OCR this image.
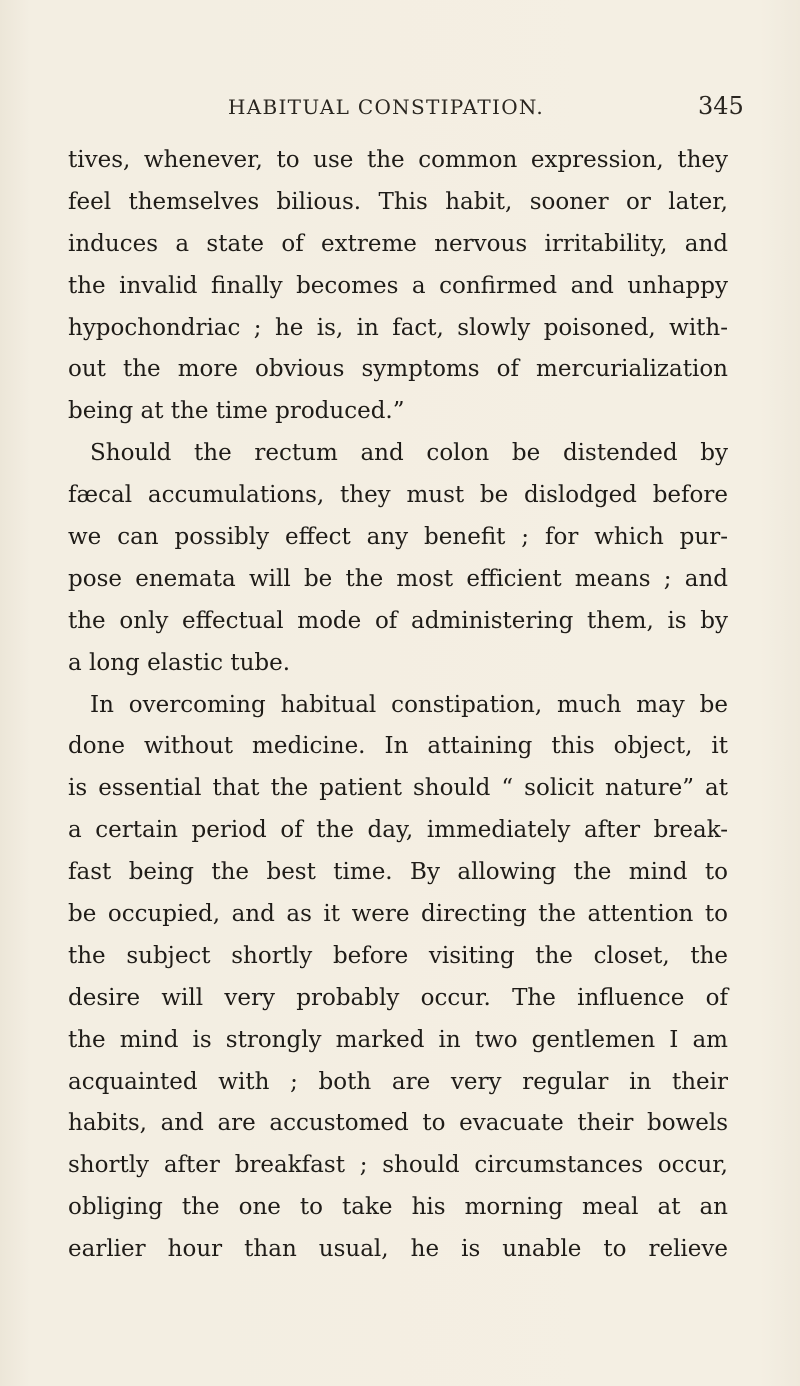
HABITUAL CONSTIPATION.	345
tives, whenever, to use the common expression, they
feel themselves bilious. This habit, sooner or later,
induces a state of extreme nervous irritability, and
the invalid finally becomes a confirmed and unhappy
hypochondriac ; he is, in fact, slowly poisoned, with-
out the more obvious symptoms of mercurialization
being at the time produced.”
Should the rectum and colon be distended by
fæcal accumulations, they must be dislodged before
we can possibly effect any benefit ; for which pur-
pose enemata will be the most efficient means ; and
the only effectual mode of administering them, is by
a long elastic tube.
In overcoming habitual constipation, much may be
done without medicine. In attaining this object, it
is essential that the patient should “ solicit nature” at
a certain period of the day, immediately after break-
fast being the best time. By allowing the mind to
be occupied, and as it were directing the attention to
the subject shortly before visiting the closet, the
desire will very probably occur. The influence of
the mind is strongly marked in two gentlemen I am
acquainted with ; both are very regular in their
habits, and are accustomed to evacuate their bowels
shortly after breakfast ; should circumstances occur,
obliging the one to take his morning meal at an
earlier hour than usual, he is unable to relieve
